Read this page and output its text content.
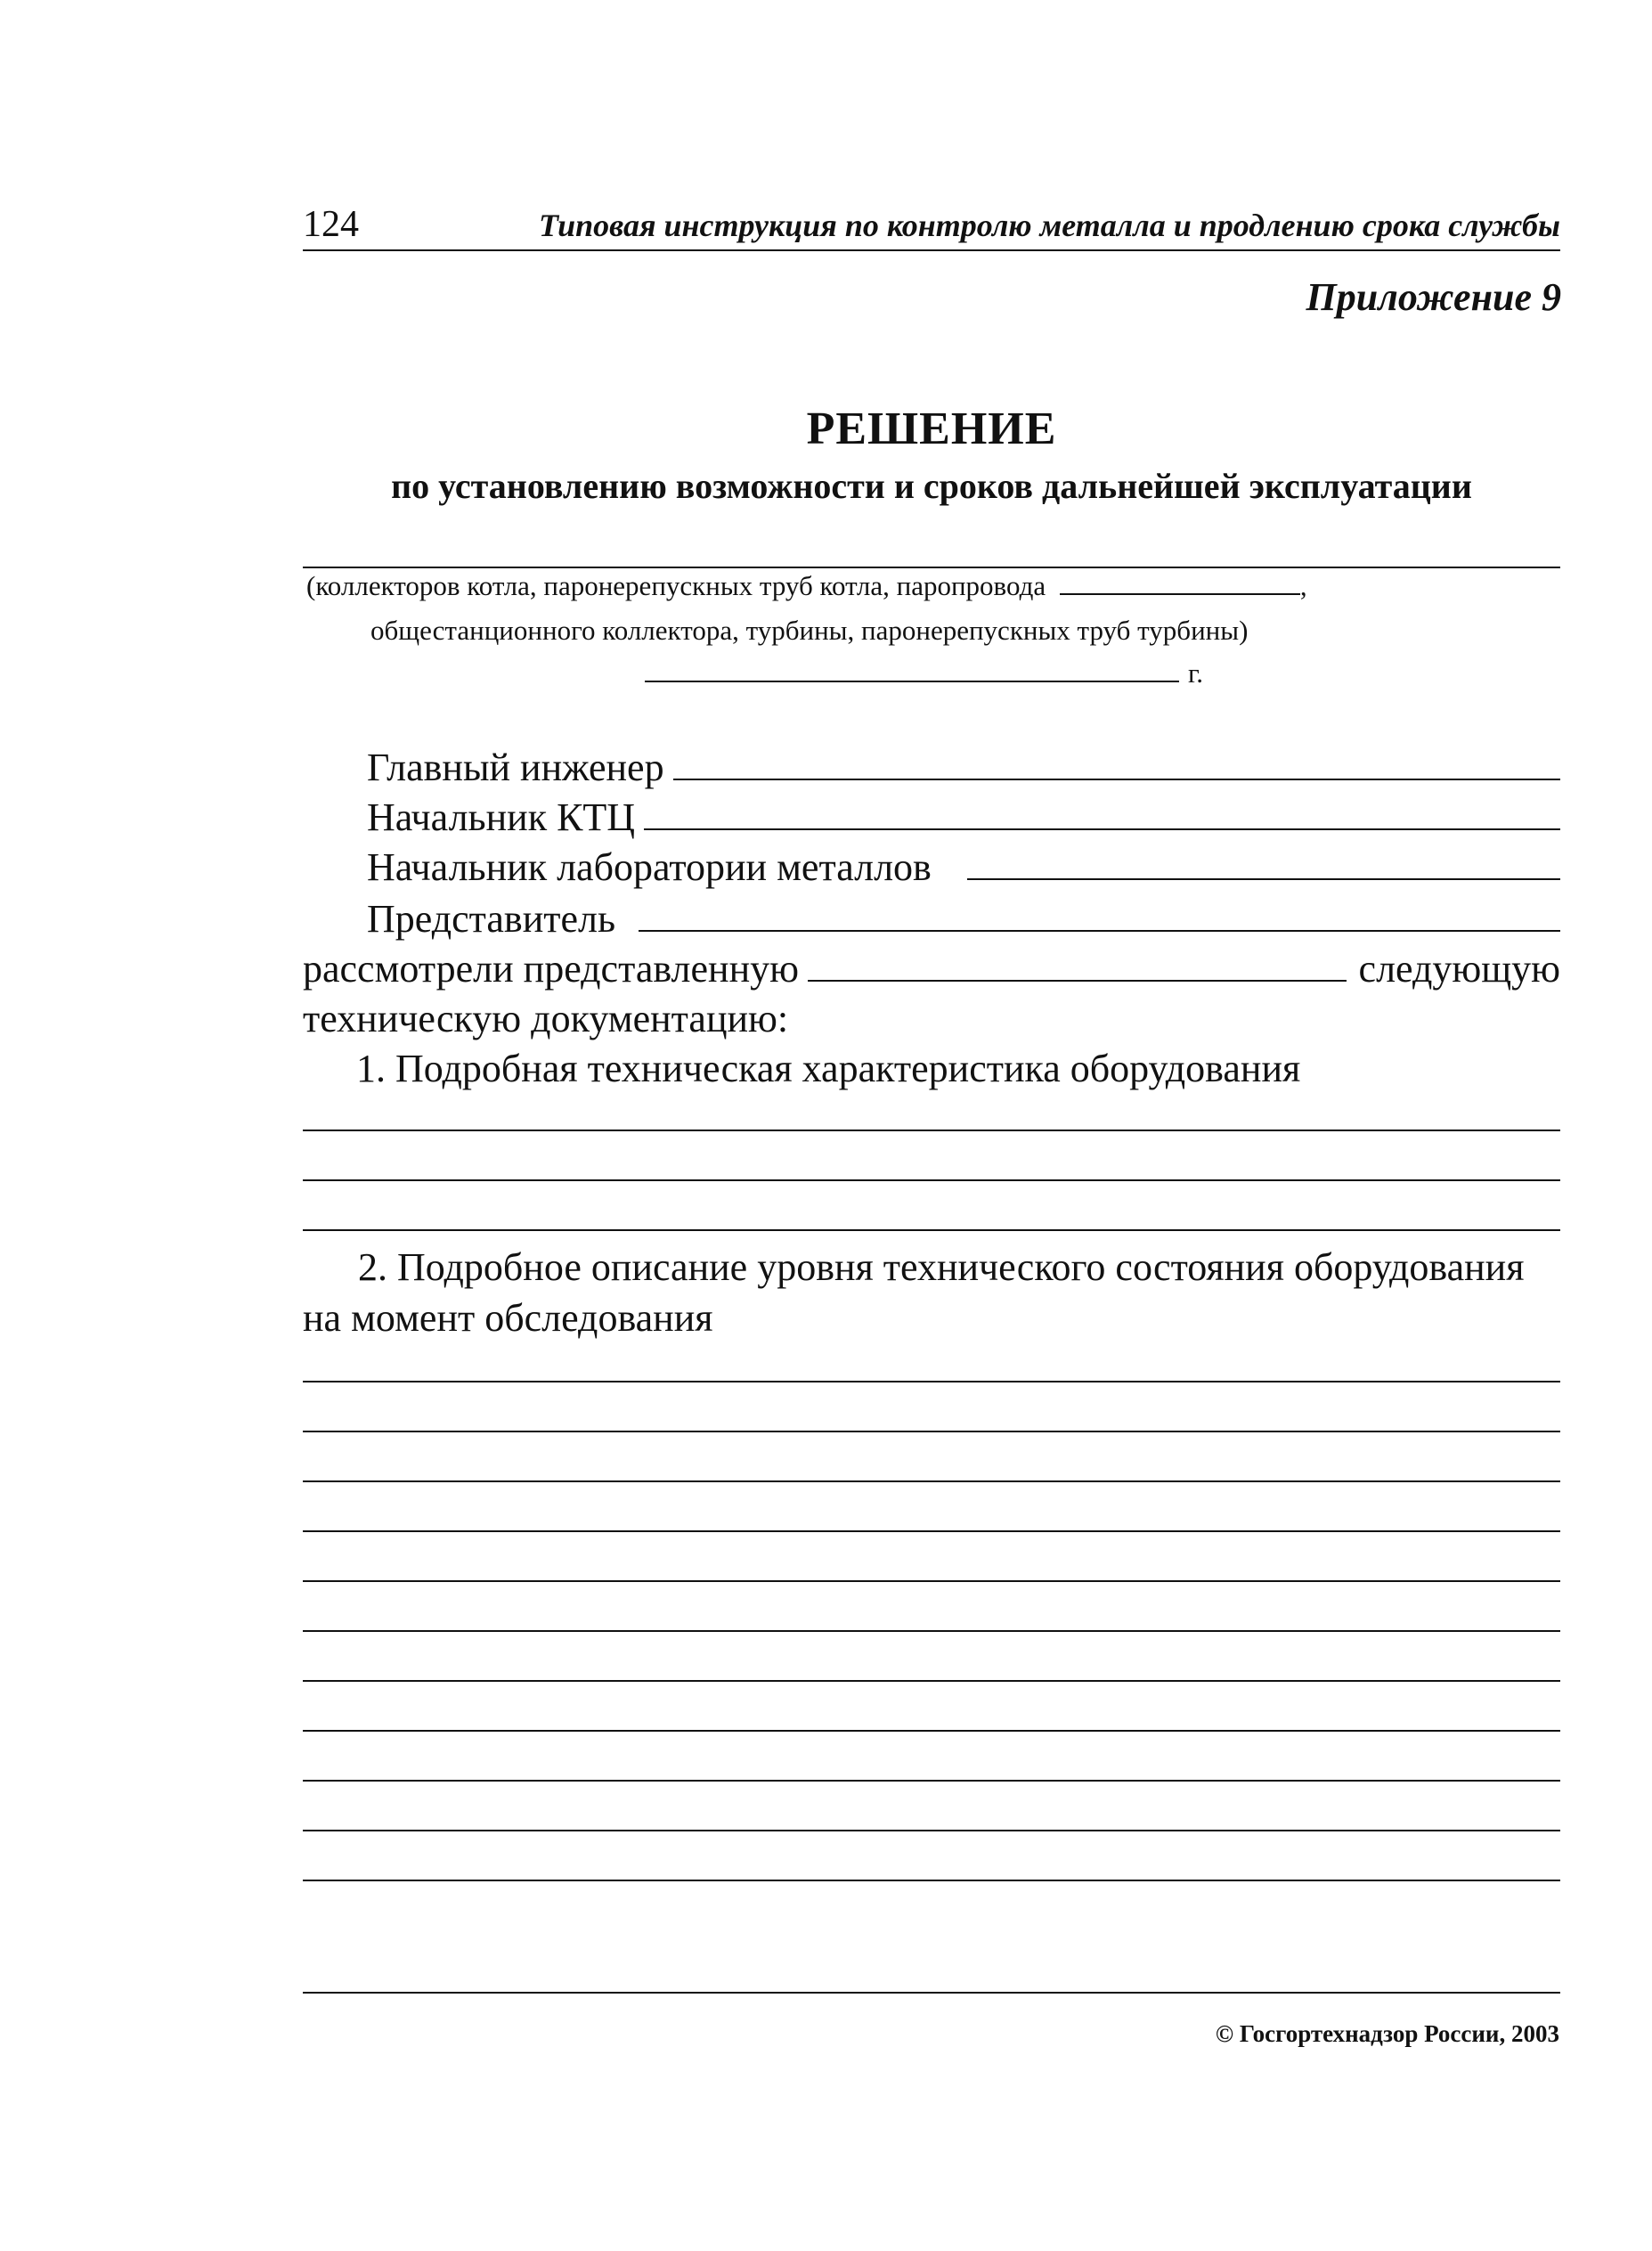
124	Типовая инструкция по контролю металла и продлению срока службы
Приложение 9
РЕШЕНИЕ
по установлению возможности и сроков дальнейшей эксплуатации
(коллекторов котла, паронерепускных труб котла, паропровода	,
общестанционного коллектора, турбины, паронерепускных труб турбины)
г.
Главный инженер
Начальник КТЦ
Начальник лаборатории металлов
Представитель
рассмотрели представленную	следующую
техническую документацию:
1. Подробная техническая характеристика оборудования
2. Подробное описание уровня технического состояния оборудования на момент обследования
© Госгортехнадзор России, 2003
